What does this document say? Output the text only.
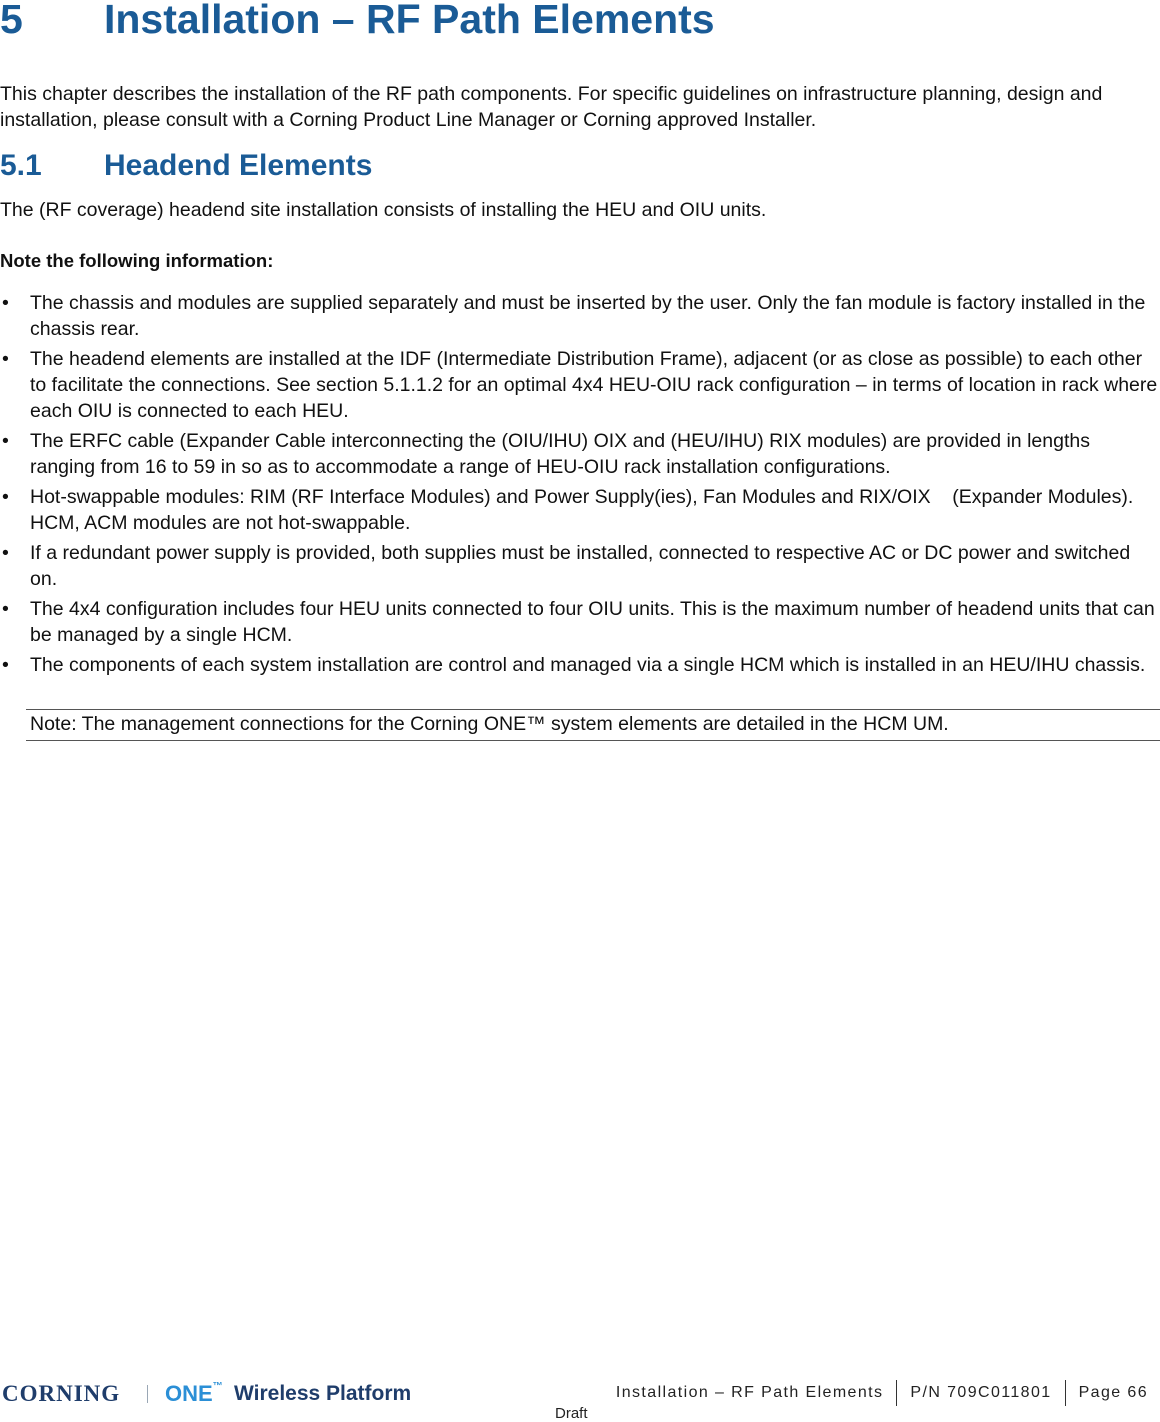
5 Installation – RF Path Elements

This chapter describes the installation of the RF path components. For specific guidelines on infrastructure planning, design and installation, please consult with a Corning Product Line Manager or Corning approved Installer.

5.1 Headend Elements

The (RF coverage) headend site installation consists of installing the HEU and OIU units.

Note the following information:

• The chassis and modules are supplied separately and must be inserted by the user. Only the fan module is factory installed in the chassis rear.
• The headend elements are installed at the IDF (Intermediate Distribution Frame), adjacent (or as close as possible) to each other to facilitate the connections. See section 5.1.1.2 for an optimal 4x4 HEU-OIU rack configuration – in terms of location in rack where each OIU is connected to each HEU.
• The ERFC cable (Expander Cable interconnecting the (OIU/IHU) OIX and (HEU/IHU) RIX modules) are provided in lengths ranging from 16 to 59 in so as to accommodate a range of HEU-OIU rack installation configurations.
• Hot-swappable modules: RIM (RF Interface Modules) and Power Supply(ies), Fan Modules and RIX/OIX    (Expander Modules). HCM, ACM modules are not hot-swappable.
• If a redundant power supply is provided, both supplies must be installed, connected to respective AC or DC power and switched on.
• The 4x4 configuration includes four HEU units connected to four OIU units. This is the maximum number of headend units that can be managed by a single HCM.
• The components of each system installation are control and managed via a single HCM which is installed in an HEU/IHU chassis.
Note: The management connections for the Corning ONE™ system elements are detailed in the HCM UM.
CORNING ONE™ Wireless Platform	Installation – RF Path Elements	P/N 709C011801	Page 66
Draft
